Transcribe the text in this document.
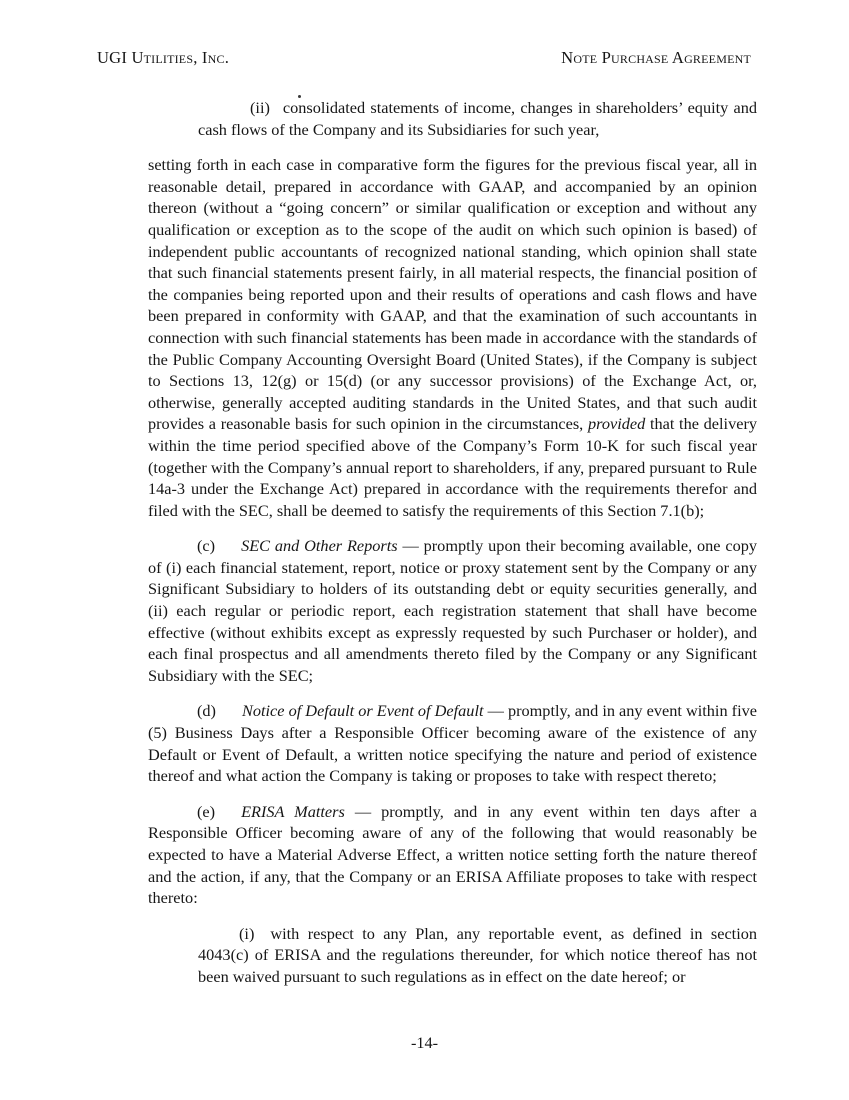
UGI Utilities, Inc.	Note Purchase Agreement

(ii) consolidated statements of income, changes in shareholders’ equity and cash flows of the Company and its Subsidiaries for such year,

setting forth in each case in comparative form the figures for the previous fiscal year, all in reasonable detail, prepared in accordance with GAAP, and accompanied by an opinion thereon (without a “going concern” or similar qualification or exception and without any qualification or exception as to the scope of the audit on which such opinion is based) of independent public accountants of recognized national standing, which opinion shall state that such financial statements present fairly, in all material respects, the financial position of the companies being reported upon and their results of operations and cash flows and have been prepared in conformity with GAAP, and that the examination of such accountants in connection with such financial statements has been made in accordance with the standards of the Public Company Accounting Oversight Board (United States), if the Company is subject to Sections 13, 12(g) or 15(d) (or any successor provisions) of the Exchange Act, or, otherwise, generally accepted auditing standards in the United States, and that such audit provides a reasonable basis for such opinion in the circumstances, provided that the delivery within the time period specified above of the Company’s Form 10-K for such fiscal year (together with the Company’s annual report to shareholders, if any, prepared pursuant to Rule 14a-3 under the Exchange Act) prepared in accordance with the requirements therefor and filed with the SEC, shall be deemed to satisfy the requirements of this Section 7.1(b);

(c) SEC and Other Reports — promptly upon their becoming available, one copy of (i) each financial statement, report, notice or proxy statement sent by the Company or any Significant Subsidiary to holders of its outstanding debt or equity securities generally, and (ii) each regular or periodic report, each registration statement that shall have become effective (without exhibits except as expressly requested by such Purchaser or holder), and each final prospectus and all amendments thereto filed by the Company or any Significant Subsidiary with the SEC;

(d) Notice of Default or Event of Default — promptly, and in any event within five (5) Business Days after a Responsible Officer becoming aware of the existence of any Default or Event of Default, a written notice specifying the nature and period of existence thereof and what action the Company is taking or proposes to take with respect thereto;

(e) ERISA Matters — promptly, and in any event within ten days after a Responsible Officer becoming aware of any of the following that would reasonably be expected to have a Material Adverse Effect, a written notice setting forth the nature thereof and the action, if any, that the Company or an ERISA Affiliate proposes to take with respect thereto:

(i) with respect to any Plan, any reportable event, as defined in section 4043(c) of ERISA and the regulations thereunder, for which notice thereof has not been waived pursuant to such regulations as in effect on the date hereof; or

-14-
